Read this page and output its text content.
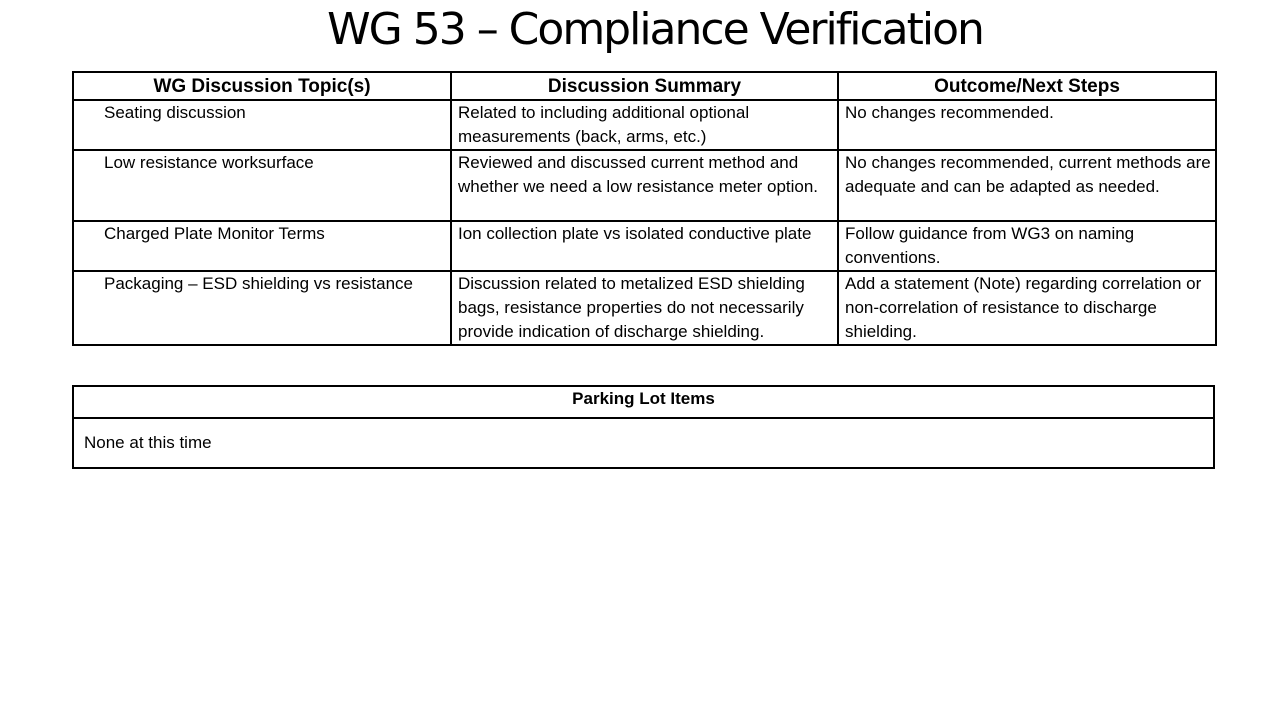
WG 53 – Compliance Verification
WG Discussion Topic(s)	Discussion Summary	Outcome/Next Steps
Seating discussion	Related to including additional optional measurements (back, arms, etc.)	No changes recommended.
Low resistance worksurface	Reviewed and discussed current method and whether we need a low resistance meter option.	No changes recommended, current methods are adequate and can be adapted as needed.
Charged Plate Monitor Terms	Ion collection plate vs isolated conductive plate	Follow guidance from WG3 on naming conventions.
Packaging – ESD shielding vs resistance	Discussion related to metalized ESD shielding bags, resistance properties do not necessarily provide indication of discharge shielding.	Add a statement (Note) regarding correlation or non-correlation of resistance to discharge shielding.
Parking Lot Items
None at this time
